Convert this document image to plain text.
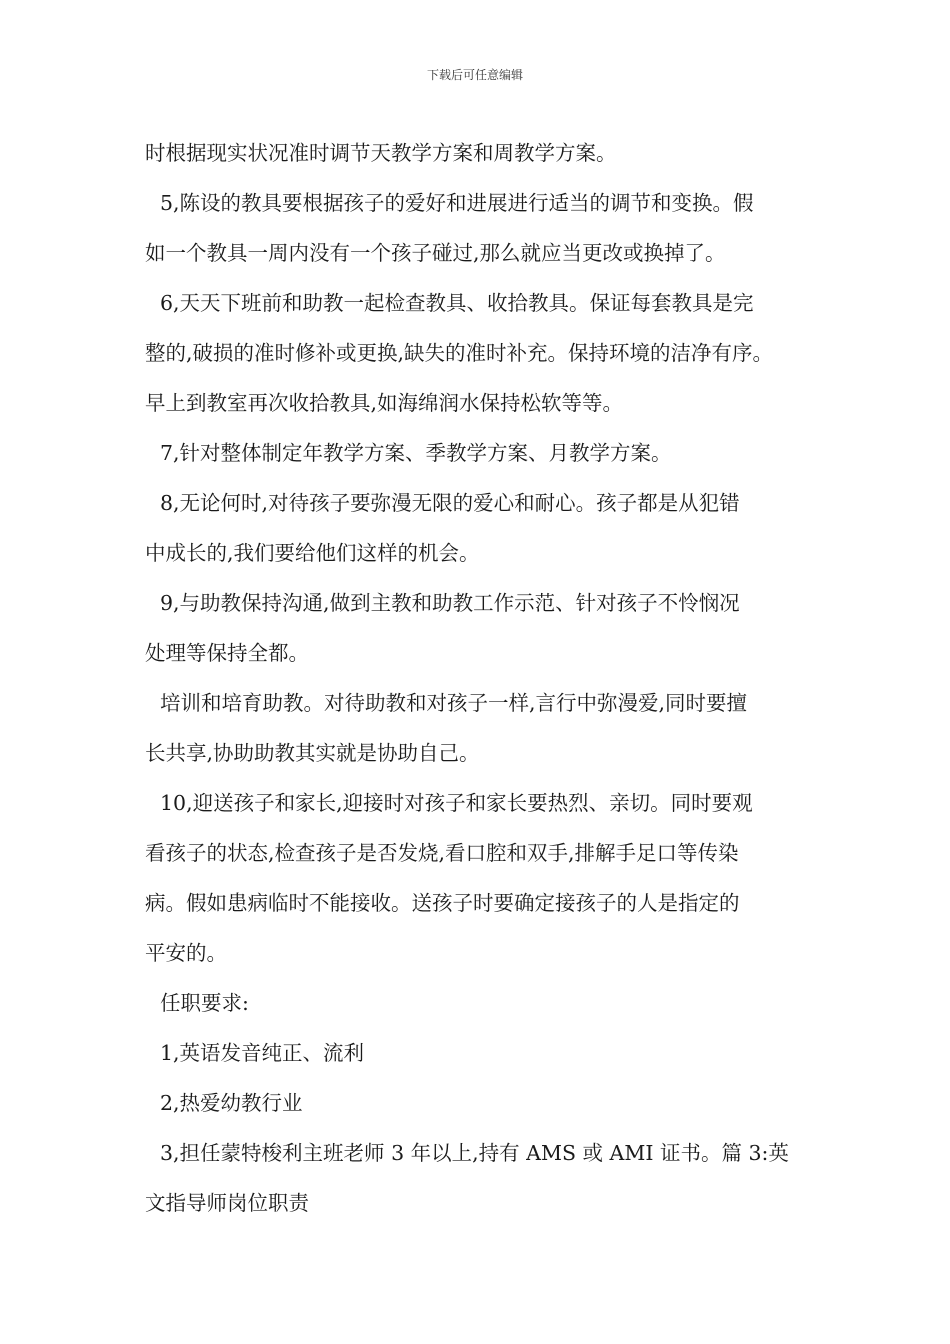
下载后可任意编辑
时根据现实状况准时调节天教学方案和周教学方案。
5,陈设的教具要根据孩子的爱好和进展进行适当的调节和变换。假
如一个教具一周内没有一个孩子碰过,那么就应当更改或换掉了。
6,天天下班前和助教一起检查教具、收拾教具。保证每套教具是完
整的,破损的准时修补或更换,缺失的准时补充。保持环境的洁净有序。
早上到教室再次收拾教具,如海绵润水保持松软等等。
7,针对整体制定年教学方案、季教学方案、月教学方案。
8,无论何时,对待孩子要弥漫无限的爱心和耐心。孩子都是从犯错
中成长的,我们要给他们这样的机会。
9,与助教保持沟通,做到主教和助教工作示范、针对孩子不怜悯况
处理等保持全都。
培训和培育助教。对待助教和对孩子一样,言行中弥漫爱,同时要擅
长共享,协助助教其实就是协助自己。
10,迎送孩子和家长,迎接时对孩子和家长要热烈、亲切。同时要观
看孩子的状态,检查孩子是否发烧,看口腔和双手,排解手足口等传染
病。假如患病临时不能接收。送孩子时要确定接孩子的人是指定的
平安的。
任职要求:
1,英语发音纯正、流利
2,热爱幼教行业
3,担任蒙特梭利主班老师 3 年以上,持有 AMS 或 AMI 证书。篇 3:英
文指导师岗位职责
